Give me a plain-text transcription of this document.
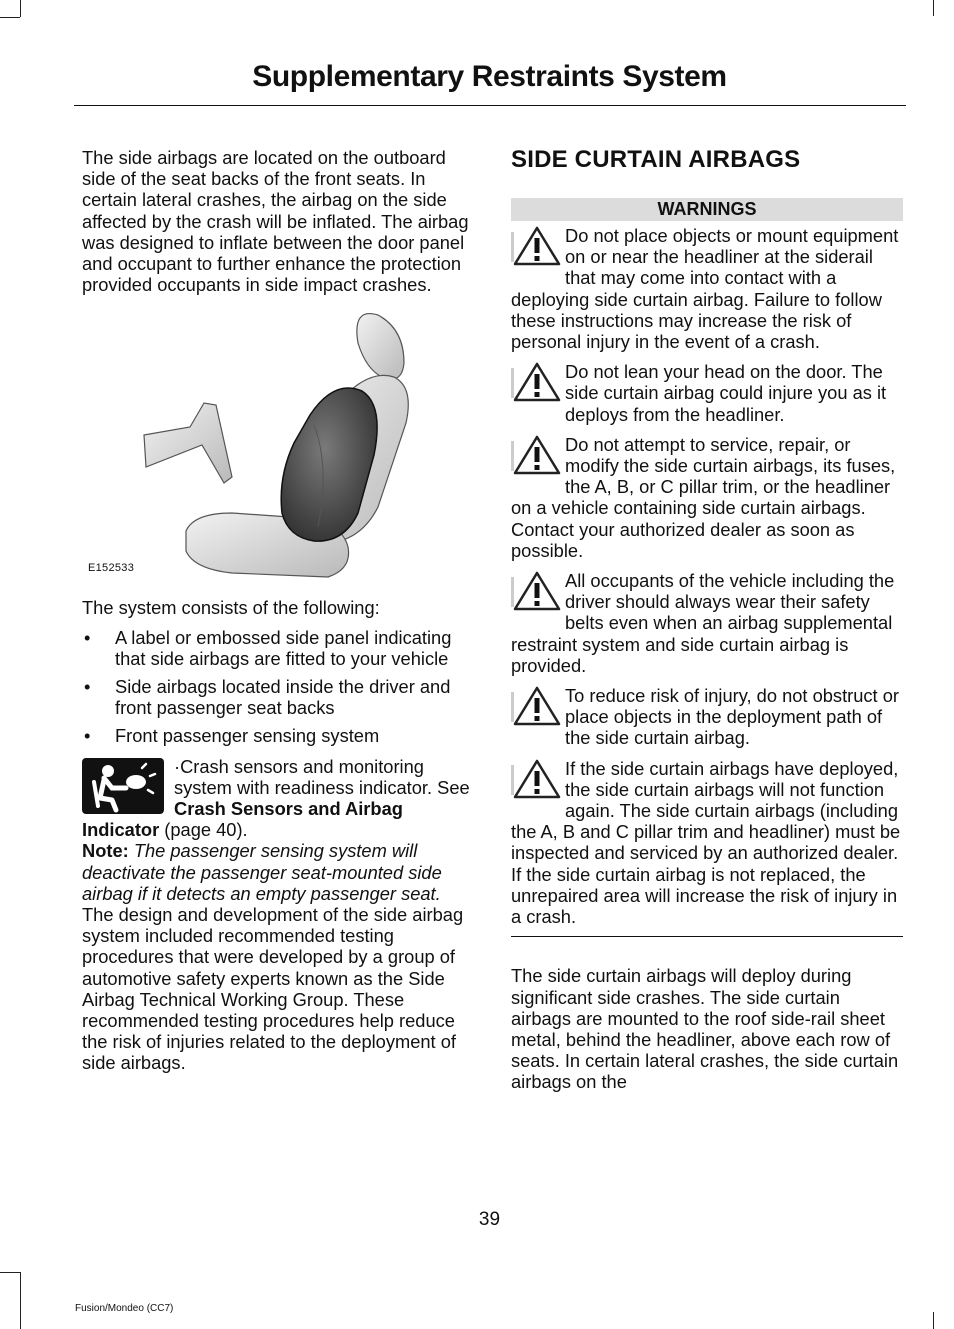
Supplementary Restraints System

The side airbags are located on the outboard side of the seat backs of the front seats. In certain lateral crashes, the airbag on the side affected by the crash will be inflated. The airbag was designed to inflate between the door panel and occupant to further enhance the protection provided occupants in side impact crashes.

E152533

The system consists of the following:

• A label or embossed side panel indicating that side airbags are fitted to your vehicle
• Side airbags located inside the driver and front passenger seat backs
• Front passenger sensing system
·Crash sensors and monitoring system with readiness indicator. See Crash Sensors and Airbag Indicator (page 40).

Note: The passenger sensing system will deactivate the passenger seat-mounted side airbag if it detects an empty passenger seat.

The design and development of the side airbag system included recommended testing procedures that were developed by a group of automotive safety experts known as the Side Airbag Technical Working Group. These recommended testing procedures help reduce the risk of injuries related to the deployment of side airbags.

SIDE CURTAIN AIRBAGS
WARNINGS
Do not place objects or mount equipment on or near the headliner at the siderail that may come into contact with a deploying side curtain airbag. Failure to follow these instructions may increase the risk of personal injury in the event of a crash.
Do not lean your head on the door. The side curtain airbag could injure you as it deploys from the headliner.
Do not attempt to service, repair, or modify the side curtain airbags, its fuses, the A, B, or C pillar trim, or the headliner on a vehicle containing side curtain airbags. Contact your authorized dealer as soon as possible.
All occupants of the vehicle including the driver should always wear their safety belts even when an airbag supplemental restraint system and side curtain airbag is provided.
To reduce risk of injury, do not obstruct or place objects in the deployment path of the side curtain airbag.
If the side curtain airbags have deployed, the side curtain airbags will not function again. The side curtain airbags (including the A, B and C pillar trim and headliner) must be inspected and serviced by an authorized dealer. If the side curtain airbag is not replaced, the unrepaired area will increase the risk of injury in a crash.

The side curtain airbags will deploy during significant side crashes. The side curtain airbags are mounted to the roof side-rail sheet metal, behind the headliner, above each row of seats. In certain lateral crashes, the side curtain airbags on the

39
Fusion/Mondeo (CC7)
